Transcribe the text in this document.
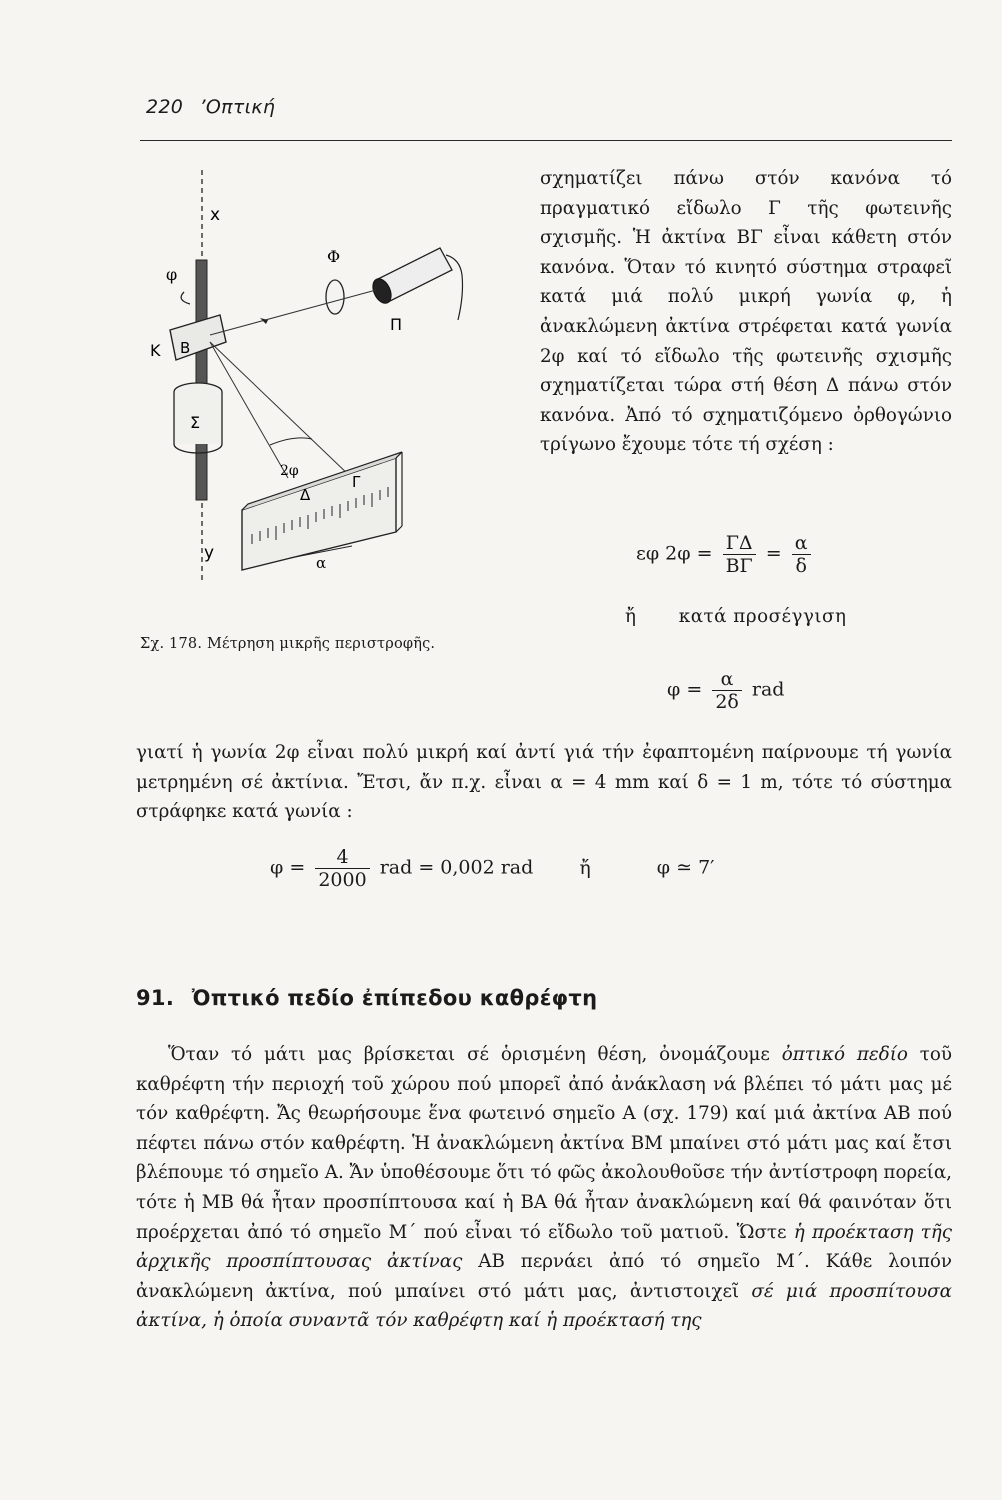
220 ’Οπτική
x
y
φ
Κ Β
Σ
Φ
Π
2φ
Δ
Γ
α
Σχ. 178. Μέτρηση μικρῆς περιστροφῆς.

σχηματίζει πάνω στόν κανόνα τό πραγματικό εἴδωλο Γ τῆς φωτεινῆς σχισμῆς. Ἡ ἀκτίνα ΒΓ εἶναι κάθετη στόν κανόνα. Ὅταν τό κινητό σύστημα στραφεῖ κατά μιά πολύ μικρή γωνία φ, ἡ ἀνακλώμενη ἀκτίνα στρέφεται κατά γωνία 2φ καί τό εἴδωλο τῆς φωτεινῆς σχισμῆς σχηματίζεται τώρα στή θέση Δ πάνω στόν κανόνα. Ἀπό τό σχηματιζόμενο ὀρθογώνιο τρίγωνο ἔχουμε τότε τή σχέση :

εφ $2\varphi = \frac{\Gamma\Delta}{B\Gamma} = \frac{\alpha}{\delta}$
ἤ κατά προσέγγιση
$\varphi = \frac{\alpha}{2\delta}$ rad
γιατί ἡ γωνία 2φ εἶναι πολύ μικρή καί ἀντί γιά τήν ἐφαπτομένη παίρνουμε τή γωνία μετρημένη σέ ἀκτίνια. Ἔτσι, ἄν π.χ. εἶναι α = 4 mm καί δ = 1 m, τότε τό σύστημα στράφηκε κατά γωνία :
$\varphi = \frac{4}{2000}$ rad = 0,002 rad ἤ	φ ≃ 7′
91. Ὀπτικό πεδίο ἐπίπεδου καθρέφτη
Ὅταν τό μάτι μας βρίσκεται σέ ὁρισμένη θέση, ὀνομάζουμε ὀπτικό πεδίο τοῦ καθρέφτη τήν περιοχή τοῦ χώρου πού μπορεῖ ἀπό ἀνάκλαση νά βλέπει τό μάτι μας μέ τόν καθρέφτη. Ἄς θεωρήσουμε ἕνα φωτεινό σημεῖο Α (σχ. 179) καί μιά ἀκτίνα ΑΒ πού πέφτει πάνω στόν καθρέφτη. Ἡ ἀνακλώμενη ἀκτίνα ΒΜ μπαίνει στό μάτι μας καί ἔτσι βλέπουμε τό σημεῖο Α. Ἄν ὑποθέσουμε ὅτι τό φῶς ἀκολουθοῦσε τήν ἀντίστροφη πορεία, τότε ἡ ΜΒ θά ἦταν προσπίπτουσα καί ἡ ΒΑ θά ἦταν ἀνακλώμενη καί θά φαινόταν ὅτι προέρχεται ἀπό τό σημεῖο Μ΄ πού εἶναι τό εἴδωλο τοῦ ματιοῦ. Ὥστε ἡ προέκταση τῆς ἀρχικῆς προσπίπτουσας ἀκτίνας ΑΒ περνάει ἀπό τό σημεῖο Μ΄. Κάθε λοιπόν ἀνακλώμενη ἀκτίνα, πού μπαίνει στό μάτι μας, ἀντιστοιχεῖ σέ μιά προσπίτουσα ἀκτίνα, ἡ ὁποία συναντᾶ τόν καθρέφτη καί ἡ προέκτασή της
